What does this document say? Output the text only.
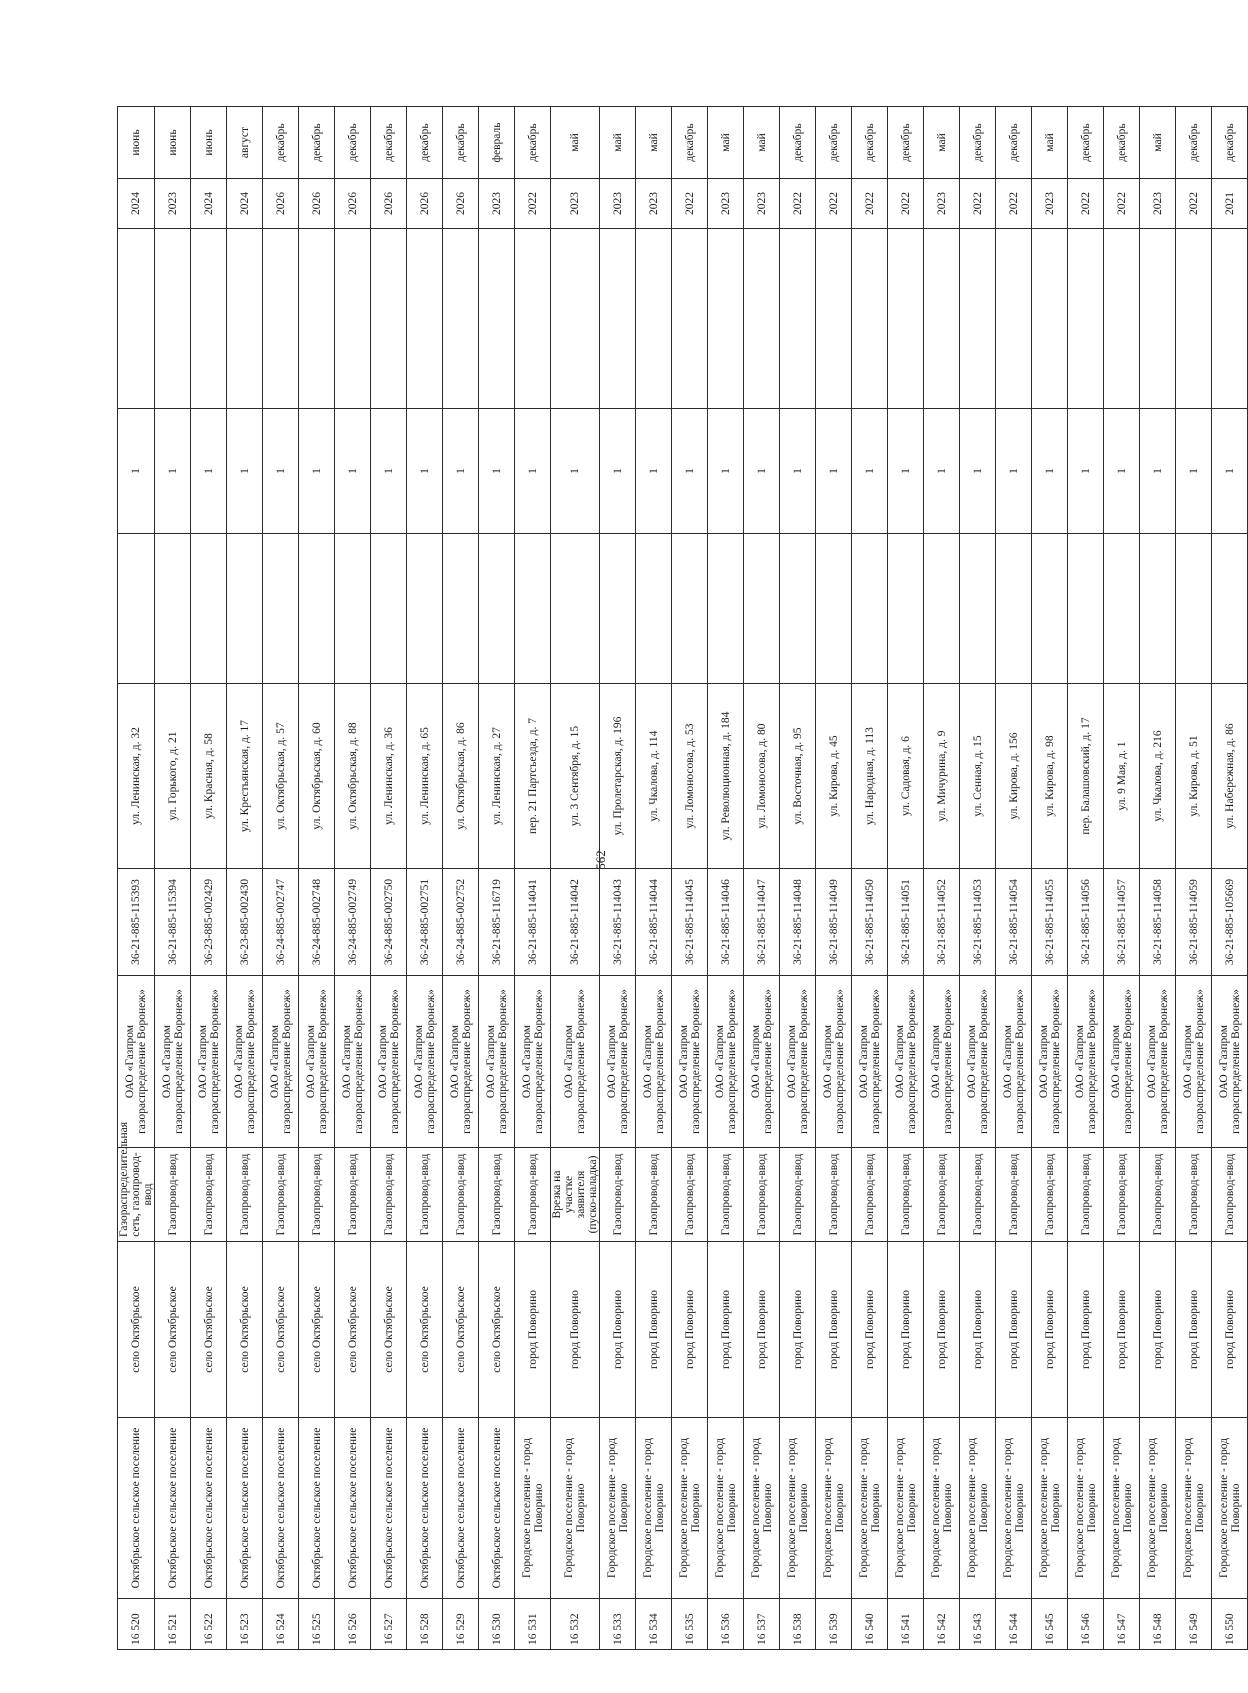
562
16 520	Октябрьское сельское поселение	село Октябрьское	Газораспределительная сеть, газопровод-ввод	ОАО «Газпром газораспределение Воронеж»	36-21-885-115393	ул. Ленинская, д. 32		1		2024	июнь
16 521	Октябрьское сельское поселение	село Октябрьское	Газопровод-ввод	ОАО «Газпром газораспределение Воронеж»	36-21-885-115394	ул. Горького, д. 21		1		2023	июнь
16 522	Октябрьское сельское поселение	село Октябрьское	Газопровод-ввод	ОАО «Газпром газораспределение Воронеж»	36-23-885-002429	ул. Красная, д. 58		1		2024	июнь
16 523	Октябрьское сельское поселение	село Октябрьское	Газопровод-ввод	ОАО «Газпром газораспределение Воронеж»	36-23-885-002430	ул. Крестьянская, д. 17		1		2024	август
16 524	Октябрьское сельское поселение	село Октябрьское	Газопровод-ввод	ОАО «Газпром газораспределение Воронеж»	36-24-885-002747	ул. Октябрьская, д. 57		1		2026	декабрь
16 525	Октябрьское сельское поселение	село Октябрьское	Газопровод-ввод	ОАО «Газпром газораспределение Воронеж»	36-24-885-002748	ул. Октябрьская, д. 60		1		2026	декабрь
16 526	Октябрьское сельское поселение	село Октябрьское	Газопровод-ввод	ОАО «Газпром газораспределение Воронеж»	36-24-885-002749	ул. Октябрьская, д. 88		1		2026	декабрь
16 527	Октябрьское сельское поселение	село Октябрьское	Газопровод-ввод	ОАО «Газпром газораспределение Воронеж»	36-24-885-002750	ул. Ленинская, д. 36		1		2026	декабрь
16 528	Октябрьское сельское поселение	село Октябрьское	Газопровод-ввод	ОАО «Газпром газораспределение Воронеж»	36-24-885-002751	ул. Ленинская, д. 65		1		2026	декабрь
16 529	Октябрьское сельское поселение	село Октябрьское	Газопровод-ввод	ОАО «Газпром газораспределение Воронеж»	36-24-885-002752	ул. Октябрьская, д. 86		1		2026	декабрь
16 530	Октябрьское сельское поселение	село Октябрьское	Газопровод-ввод	ОАО «Газпром газораспределение Воронеж»	36-21-885-116719	ул. Ленинская, д. 27		1		2023	февраль
16 531	Городское поселение - город Поворино	город Поворино	Газопровод-ввод	ОАО «Газпром газораспределение Воронеж»	36-21-885-114041	пер. 21 Партсъезда, д. 7		1		2022	декабрь
16 532	Городское поселение - город Поворино	город Поворино	Врезка на участке заявителя (пуско-наладка)	ОАО «Газпром газораспределение Воронеж»	36-21-885-114042	ул. 3 Сентября, д. 15		1		2023	май
16 533	Городское поселение - город Поворино	город Поворино	Газопровод-ввод	ОАО «Газпром газораспределение Воронеж»	36-21-885-114043	ул. Пролетарская, д. 196		1		2023	май
16 534	Городское поселение - город Поворино	город Поворино	Газопровод-ввод	ОАО «Газпром газораспределение Воронеж»	36-21-885-114044	ул. Чкалова, д. 114		1		2023	май
16 535	Городское поселение - город Поворино	город Поворино	Газопровод-ввод	ОАО «Газпром газораспределение Воронеж»	36-21-885-114045	ул. Ломоносова, д. 53		1		2022	декабрь
16 536	Городское поселение - город Поворино	город Поворино	Газопровод-ввод	ОАО «Газпром газораспределение Воронеж»	36-21-885-114046	ул. Революционная, д. 184		1		2023	май
16 537	Городское поселение - город Поворино	город Поворино	Газопровод-ввод	ОАО «Газпром газораспределение Воронеж»	36-21-885-114047	ул. Ломоносова, д. 80		1		2023	май
16 538	Городское поселение - город Поворино	город Поворино	Газопровод-ввод	ОАО «Газпром газораспределение Воронеж»	36-21-885-114048	ул. Восточная, д. 95		1		2022	декабрь
16 539	Городское поселение - город Поворино	город Поворино	Газопровод-ввод	ОАО «Газпром газораспределение Воронеж»	36-21-885-114049	ул. Кирова, д. 45		1		2022	декабрь
16 540	Городское поселение - город Поворино	город Поворино	Газопровод-ввод	ОАО «Газпром газораспределение Воронеж»	36-21-885-114050	ул. Народная, д. 113		1		2022	декабрь
16 541	Городское поселение - город Поворино	город Поворино	Газопровод-ввод	ОАО «Газпром газораспределение Воронеж»	36-21-885-114051	ул. Садовая, д. 6		1		2022	декабрь
16 542	Городское поселение - город Поворино	город Поворино	Газопровод-ввод	ОАО «Газпром газораспределение Воронеж»	36-21-885-114052	ул. Мичурина, д. 9		1		2023	май
16 543	Городское поселение - город Поворино	город Поворино	Газопровод-ввод	ОАО «Газпром газораспределение Воронеж»	36-21-885-114053	ул. Сенная, д. 15		1		2022	декабрь
16 544	Городское поселение - город Поворино	город Поворино	Газопровод-ввод	ОАО «Газпром газораспределение Воронеж»	36-21-885-114054	ул. Кирова, д. 156		1		2022	декабрь
16 545	Городское поселение - город Поворино	город Поворино	Газопровод-ввод	ОАО «Газпром газораспределение Воронеж»	36-21-885-114055	ул. Кирова, д. 98		1		2023	май
16 546	Городское поселение - город Поворино	город Поворино	Газопровод-ввод	ОАО «Газпром газораспределение Воронеж»	36-21-885-114056	пер. Балашовский, д. 17		1		2022	декабрь
16 547	Городское поселение - город Поворино	город Поворино	Газопровод-ввод	ОАО «Газпром газораспределение Воронеж»	36-21-885-114057	ул. 9 Мая, д. 1		1		2022	декабрь
16 548	Городское поселение - город Поворино	город Поворино	Газопровод-ввод	ОАО «Газпром газораспределение Воронеж»	36-21-885-114058	ул. Чкалова, д. 216		1		2023	май
16 549	Городское поселение - город Поворино	город Поворино	Газопровод-ввод	ОАО «Газпром газораспределение Воронеж»	36-21-885-114059	ул. Кирова, д. 51		1		2022	декабрь
16 550	Городское поселение - город Поворино	город Поворино	Газопровод-ввод	ОАО «Газпром газораспределение Воронеж»	36-21-885-105669	ул. Набережная, д. 86		1		2021	декабрь
